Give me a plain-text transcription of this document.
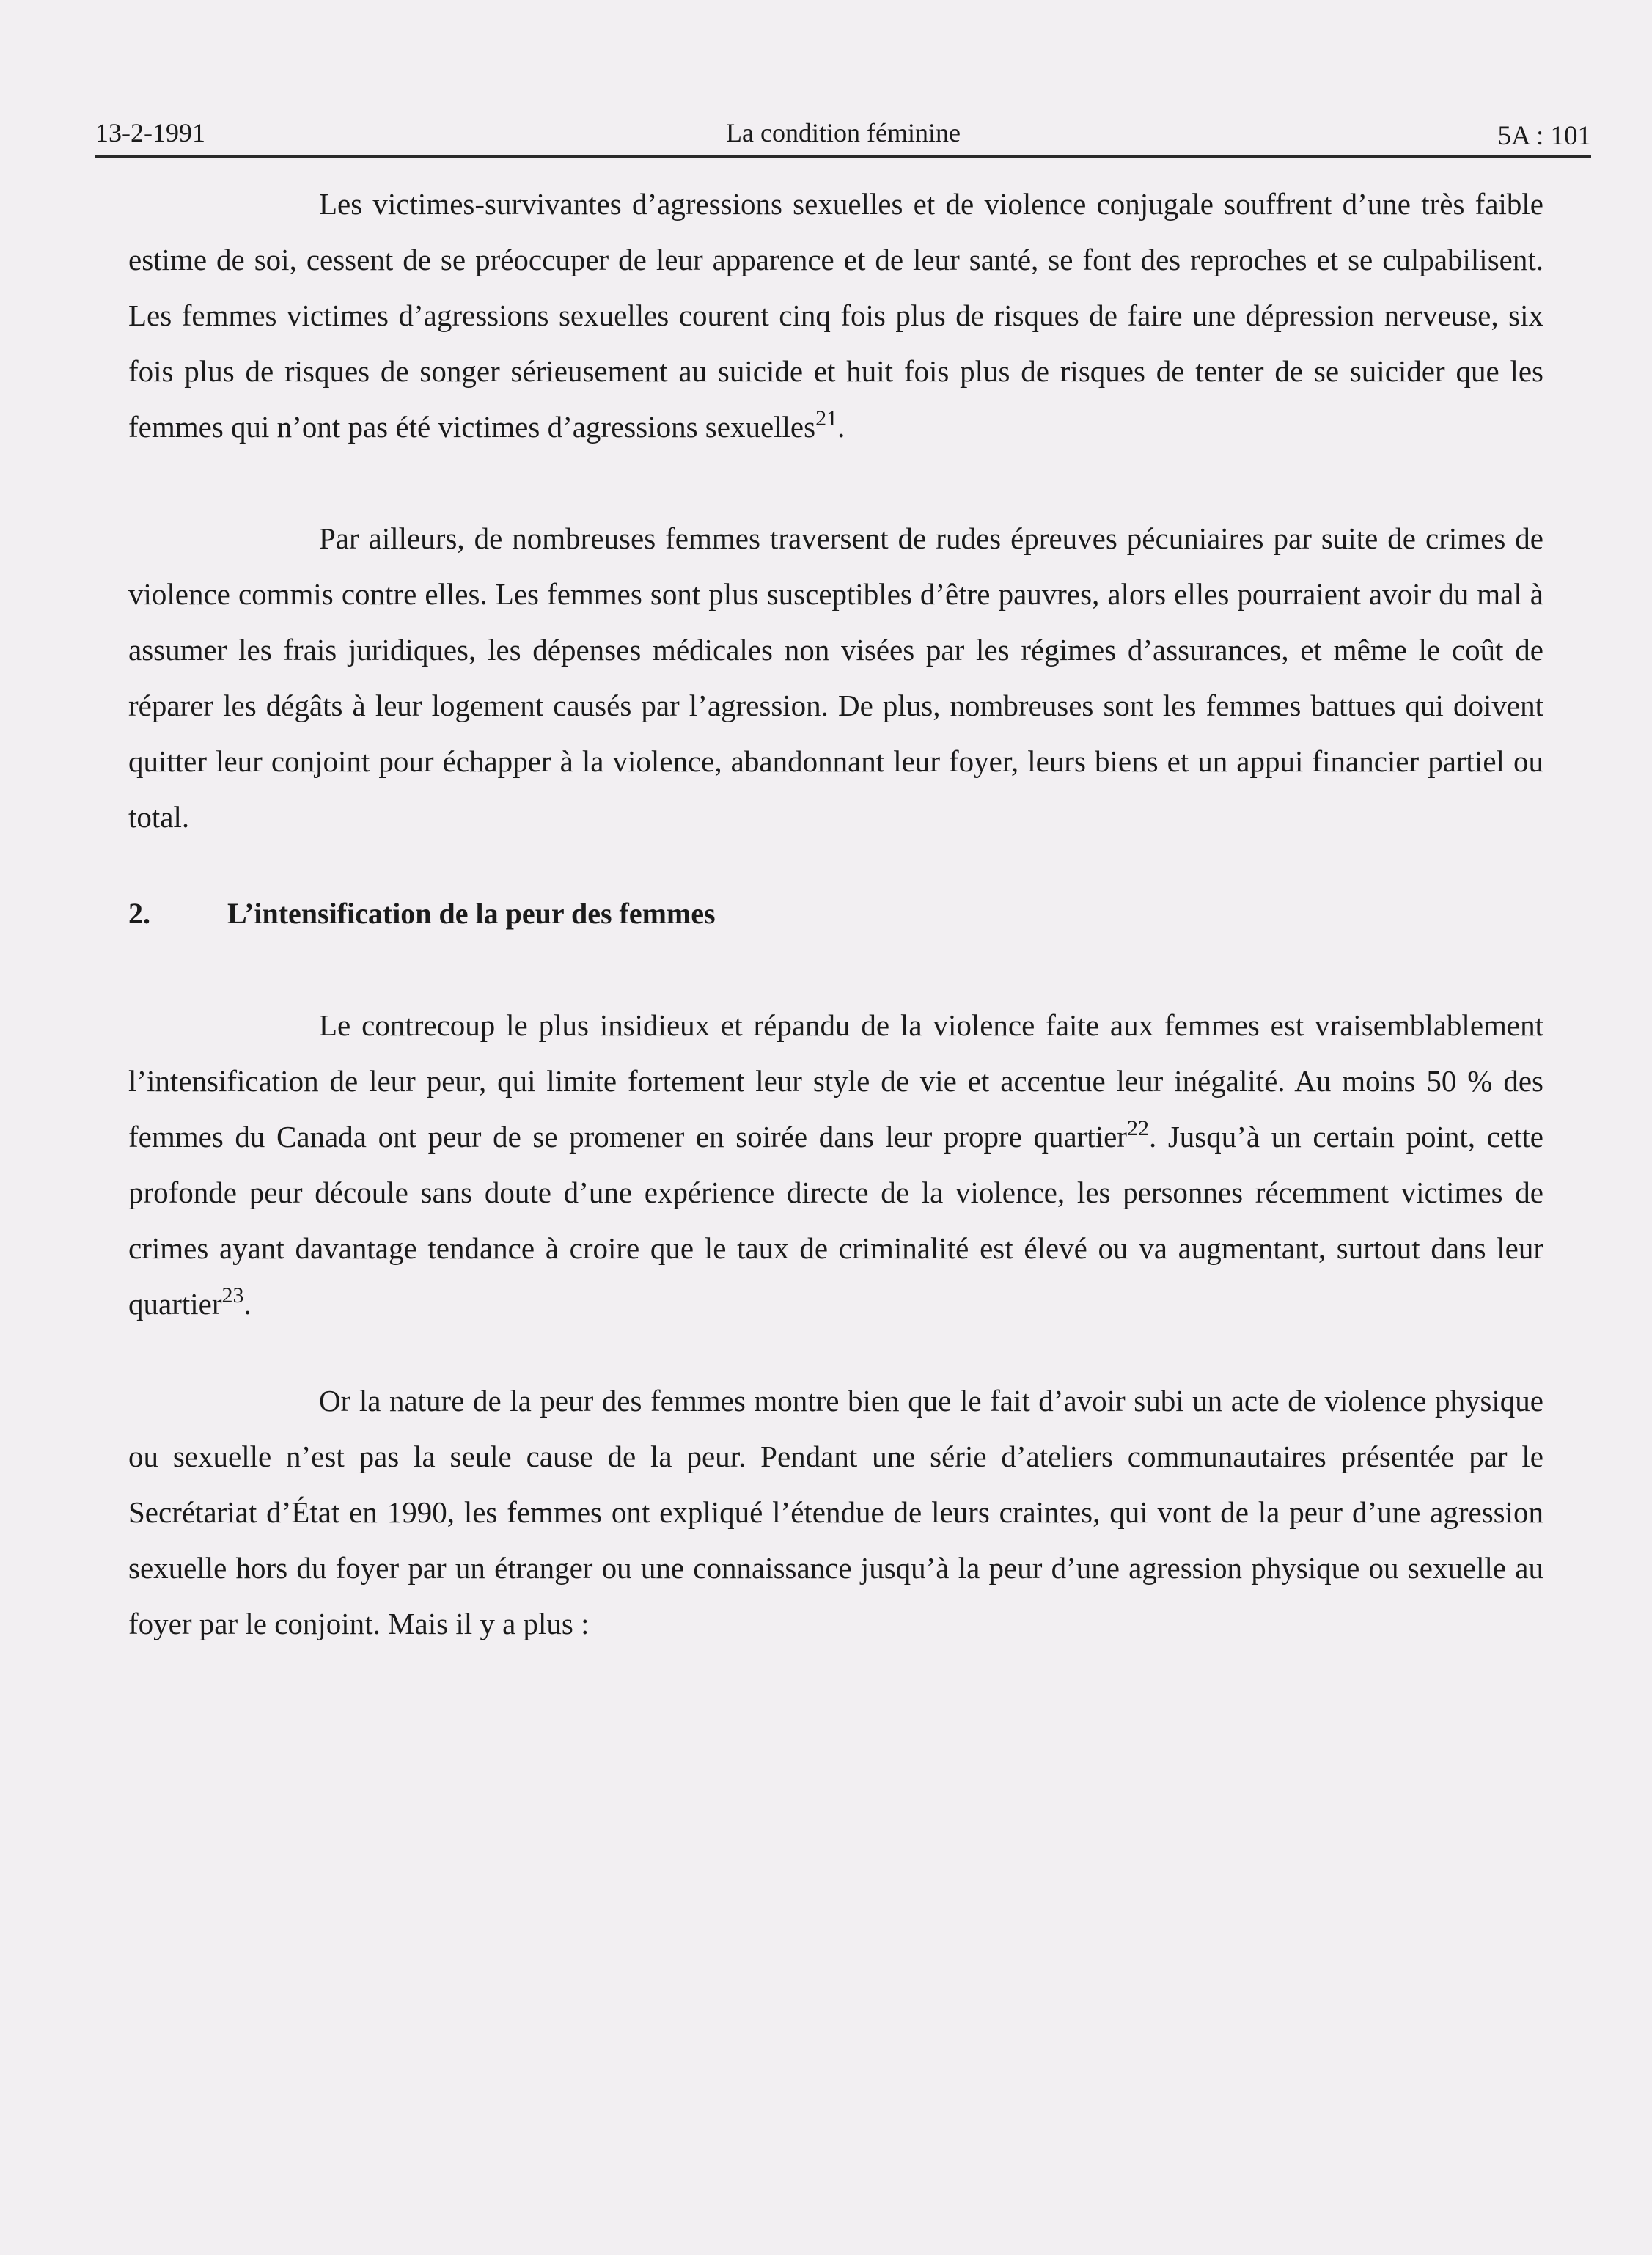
13-2-1991	La condition féminine	5A : 101

Les victimes-survivantes d’agressions sexuelles et de violence conjugale souffrent d’une très faible estime de soi, cessent de se préoccuper de leur apparence et de leur santé, se font des reproches et se culpabilisent. Les femmes victimes d’agressions sexuelles courent cinq fois plus de risques de faire une dépression nerveuse, six fois plus de risques de songer sérieusement au suicide et huit fois plus de risques de tenter de se suicider que les femmes qui n’ont pas été victimes d’agressions sexuelles$^{21}$.

Par ailleurs, de nombreuses femmes traversent de rudes épreuves pécuniaires par suite de crimes de violence commis contre elles. Les femmes sont plus susceptibles d’être pauvres, alors elles pourraient avoir du mal à assumer les frais juridiques, les dépenses médicales non visées par les régimes d’assurances, et même le coût de réparer les dégâts à leur logement causés par l’agression. De plus, nombreuses sont les femmes battues qui doivent quitter leur conjoint pour échapper à la violence, abandonnant leur foyer, leurs biens et un appui financier partiel ou total.

2.	L’intensification de la peur des femmes

Le contrecoup le plus insidieux et répandu de la violence faite aux femmes est vraisemblablement l’intensification de leur peur, qui limite fortement leur style de vie et accentue leur inégalité. Au moins 50 % des femmes du Canada ont peur de se promener en soirée dans leur propre quartier$^{22}$. Jusqu’à un certain point, cette profonde peur découle sans doute d’une expérience directe de la violence, les personnes récemment victimes de crimes ayant davantage tendance à croire que le taux de criminalité est élevé ou va augmentant, surtout dans leur quartier$^{23}$.

Or la nature de la peur des femmes montre bien que le fait d’avoir subi un acte de violence physique ou sexuelle n’est pas la seule cause de la peur. Pendant une série d’ateliers communautaires présentée par le Secrétariat d’État en 1990, les femmes ont expliqué l’étendue de leurs craintes, qui vont de la peur d’une agression sexuelle hors du foyer par un étranger ou une connaissance jusqu’à la peur d’une agression physique ou sexuelle au foyer par le conjoint. Mais il y a plus :
